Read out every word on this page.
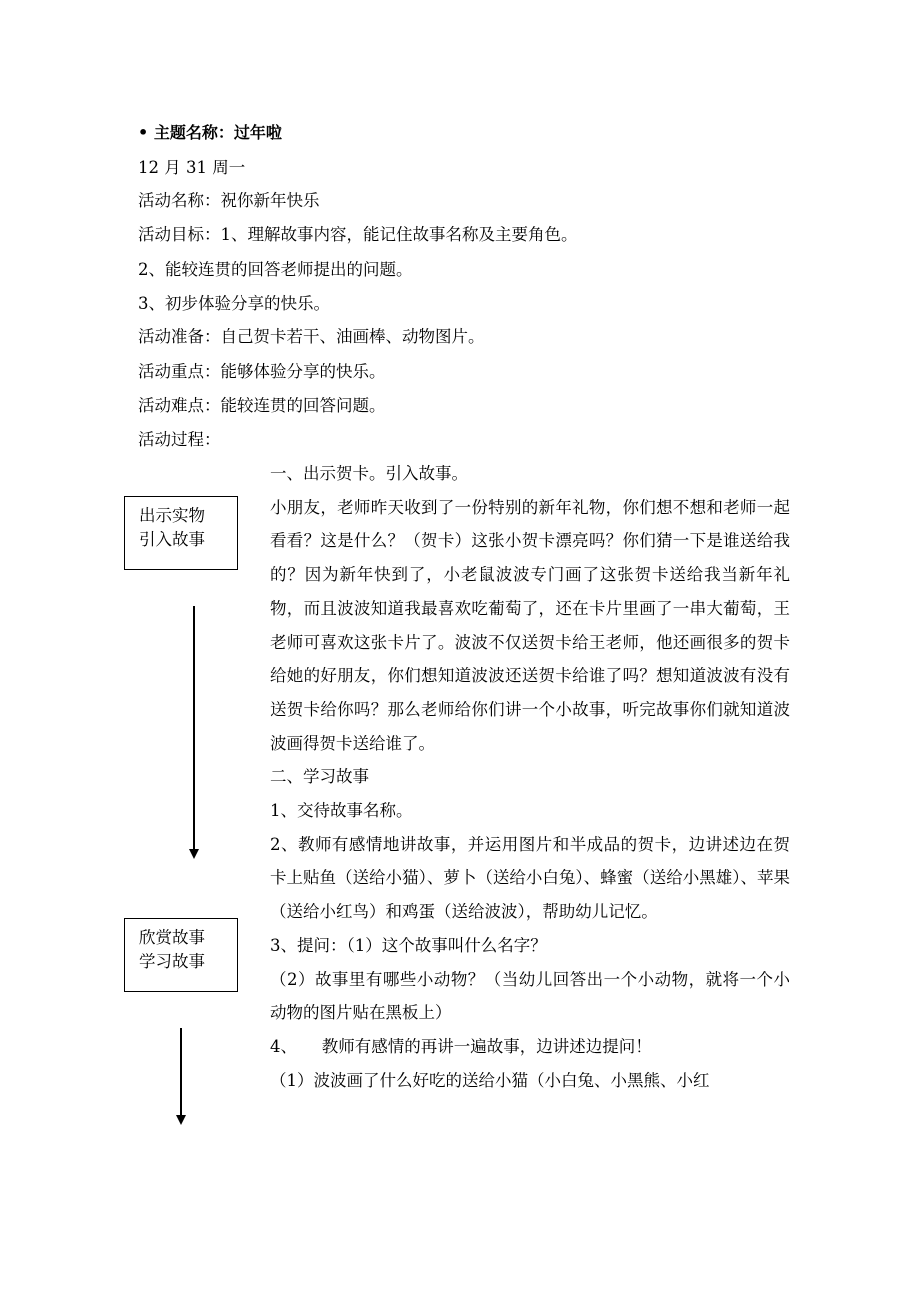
• 主题名称：过年啦
12 月 31 周一
活动名称：祝你新年快乐
活动目标：1、理解故事内容，能记住故事名称及主要角色。
2、能较连贯的回答老师提出的问题。
3、初步体验分享的快乐。
活动准备：自己贺卡若干、油画棒、动物图片。
活动重点：能够体验分享的快乐。
活动难点：能较连贯的回答问题。
活动过程：
出示实物
引入故事
欣赏故事
学习故事

一、出示贺卡。引入故事。

小朋友，老师昨天收到了一份特别的新年礼物，你们想不想和老师一起看看？这是什么？（贺卡）这张小贺卡漂亮吗？你们猜一下是谁送给我的？因为新年快到了，小老鼠波波专门画了这张贺卡送给我当新年礼物，而且波波知道我最喜欢吃葡萄了，还在卡片里画了一串大葡萄，王老师可喜欢这张卡片了。波波不仅送贺卡给王老师，他还画很多的贺卡给她的好朋友，你们想知道波波还送贺卡给谁了吗？想知道波波有没有送贺卡给你吗？那么老师给你们讲一个小故事，听完故事你们就知道波波画得贺卡送给谁了。

二、学习故事

1、交待故事名称。

2、教师有感情地讲故事，并运用图片和半成品的贺卡，边讲述边在贺卡上贴鱼（送给小猫）、萝卜（送给小白兔）、蜂蜜（送给小黑雄）、苹果（送给小红鸟）和鸡蛋（送给波波），帮助幼儿记忆。

3、提问：（1）这个故事叫什么名字？

（2）故事里有哪些小动物？（当幼儿回答出一个小动物，就将一个小动物的图片贴在黑板上）

4、　　教师有感情的再讲一遍故事，边讲述边提问！

（1）波波画了什么好吃的送给小猫（小白兔、小黑熊、小红
